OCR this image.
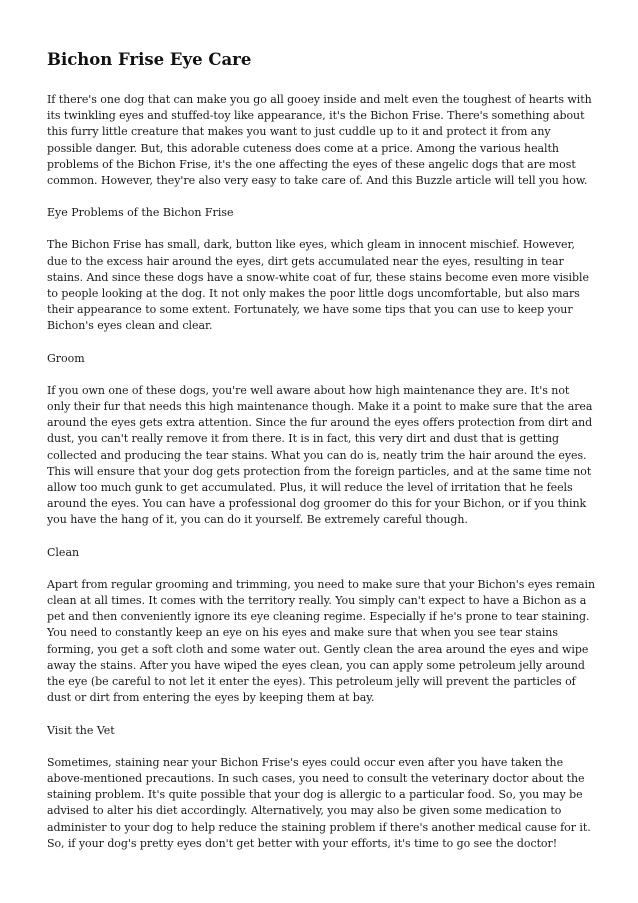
Bichon Frise Eye Care

If there's one dog that can make you go all gooey inside and melt even the toughest of hearts with its twinkling eyes and stuffed-toy like appearance, it's the Bichon Frise. There's something about this furry little creature that makes you want to just cuddle up to it and protect it from any possible danger. But, this adorable cuteness does come at a price. Among the various health problems of the Bichon Frise, it's the one affecting the eyes of these angelic dogs that are most common. However, they're also very easy to take care of. And this Buzzle article will tell you how.

Eye Problems of the Bichon Frise

The Bichon Frise has small, dark, button like eyes, which gleam in innocent mischief. However, due to the excess hair around the eyes, dirt gets accumulated near the eyes, resulting in tear stains. And since these dogs have a snow-white coat of fur, these stains become even more visible to people looking at the dog. It not only makes the poor little dogs uncomfortable, but also mars their appearance to some extent. Fortunately, we have some tips that you can use to keep your Bichon's eyes clean and clear.

Groom

If you own one of these dogs, you're well aware about how high maintenance they are. It's not only their fur that needs this high maintenance though. Make it a point to make sure that the area around the eyes gets extra attention. Since the fur around the eyes offers protection from dirt and dust, you can't really remove it from there. It is in fact, this very dirt and dust that is getting collected and producing the tear stains. What you can do is, neatly trim the hair around the eyes. This will ensure that your dog gets protection from the foreign particles, and at the same time not allow too much gunk to get accumulated. Plus, it will reduce the level of irritation that he feels around the eyes. You can have a professional dog groomer do this for your Bichon, or if you think you have the hang of it, you can do it yourself. Be extremely careful though.

Clean

Apart from regular grooming and trimming, you need to make sure that your Bichon's eyes remain clean at all times. It comes with the territory really. You simply can't expect to have a Bichon as a pet and then conveniently ignore its eye cleaning regime. Especially if he's prone to tear staining. You need to constantly keep an eye on his eyes and make sure that when you see tear stains forming, you get a soft cloth and some water out. Gently clean the area around the eyes and wipe away the stains. After you have wiped the eyes clean, you can apply some petroleum jelly around the eye (be careful to not let it enter the eyes). This petroleum jelly will prevent the particles of dust or dirt from entering the eyes by keeping them at bay.

Visit the Vet

Sometimes, staining near your Bichon Frise's eyes could occur even after you have taken the above-mentioned precautions. In such cases, you need to consult the veterinary doctor about the staining problem. It's quite possible that your dog is allergic to a particular food. So, you may be advised to alter his diet accordingly. Alternatively, you may also be given some medication to administer to your dog to help reduce the staining problem if there's another medical cause for it. So, if your dog's pretty eyes don't get better with your efforts, it's time to go see the doctor!
